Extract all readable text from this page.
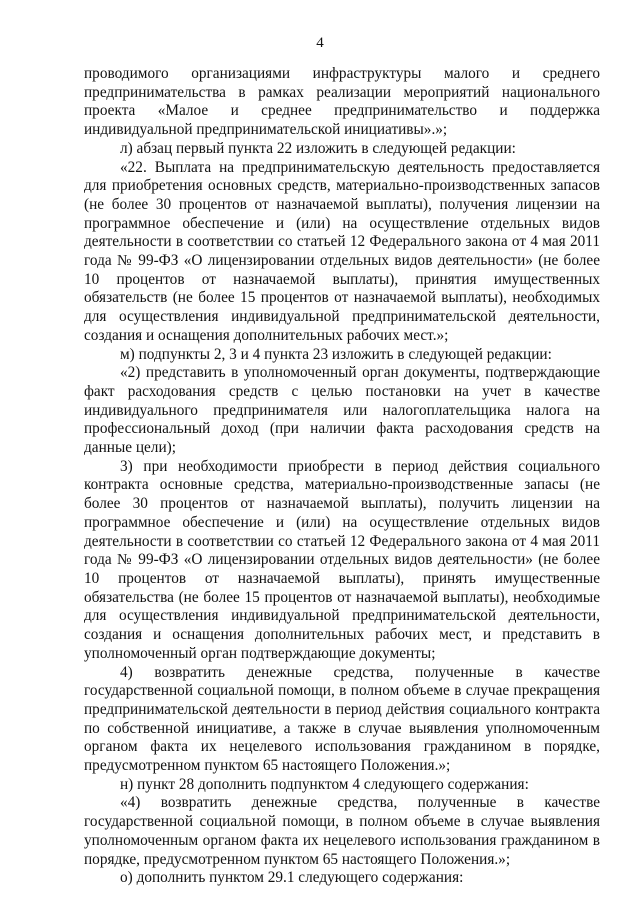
4

проводимого организациями инфраструктуры малого и среднего предпринимательства в рамках реализации мероприятий национального проекта «Малое и среднее предпринимательство и поддержка индивидуальной предпринимательской инициативы».»;

л) абзац первый пункта 22 изложить в следующей редакции:

«22. Выплата на предпринимательскую деятельность предоставляется для приобретения основных средств, материально-производственных запасов (не более 30 процентов от назначаемой выплаты), получения лицензии на программное обеспечение и (или) на осуществление отдельных видов деятельности в соответствии со статьей 12 Федерального закона от 4 мая 2011 года № 99-ФЗ «О лицензировании отдельных видов деятельности» (не более 10 процентов от назначаемой выплаты), принятия имущественных обязательств (не более 15 процентов от назначаемой выплаты), необходимых для осуществления индивидуальной предпринимательской деятельности, создания и оснащения дополнительных рабочих мест.»;

м) подпункты 2, 3 и 4 пункта 23 изложить в следующей редакции:

«2) представить в уполномоченный орган документы, подтверждающие факт расходования средств с целью постановки на учет в качестве индивидуального предпринимателя или налогоплательщика налога на профессиональный доход (при наличии факта расходования средств на данные цели);

3) при необходимости приобрести в период действия социального контракта основные средства, материально-производственные запасы (не более 30 процентов от назначаемой выплаты), получить лицензии на программное обеспечение и (или) на осуществление отдельных видов деятельности в соответствии со статьей 12 Федерального закона от 4 мая 2011 года № 99-ФЗ «О лицензировании отдельных видов деятельности» (не более 10 процентов от назначаемой выплаты), принять имущественные обязательства (не более 15 процентов от назначаемой выплаты), необходимые для осуществления индивидуальной предпринимательской деятельности, создания и оснащения дополнительных рабочих мест, и представить в уполномоченный орган подтверждающие документы;

4) возвратить денежные средства, полученные в качестве государственной социальной помощи, в полном объеме в случае прекращения предпринимательской деятельности в период действия социального контракта по собственной инициативе, а также в случае выявления уполномоченным органом факта их нецелевого использования гражданином в порядке, предусмотренном пунктом 65 настоящего Положения.»;

н) пункт 28 дополнить подпунктом 4 следующего содержания:

«4) возвратить денежные средства, полученные в качестве государственной социальной помощи, в полном объеме в случае выявления уполномоченным органом факта их нецелевого использования гражданином в порядке, предусмотренном пунктом 65 настоящего Положения.»;

о) дополнить пунктом 29.1 следующего содержания:
